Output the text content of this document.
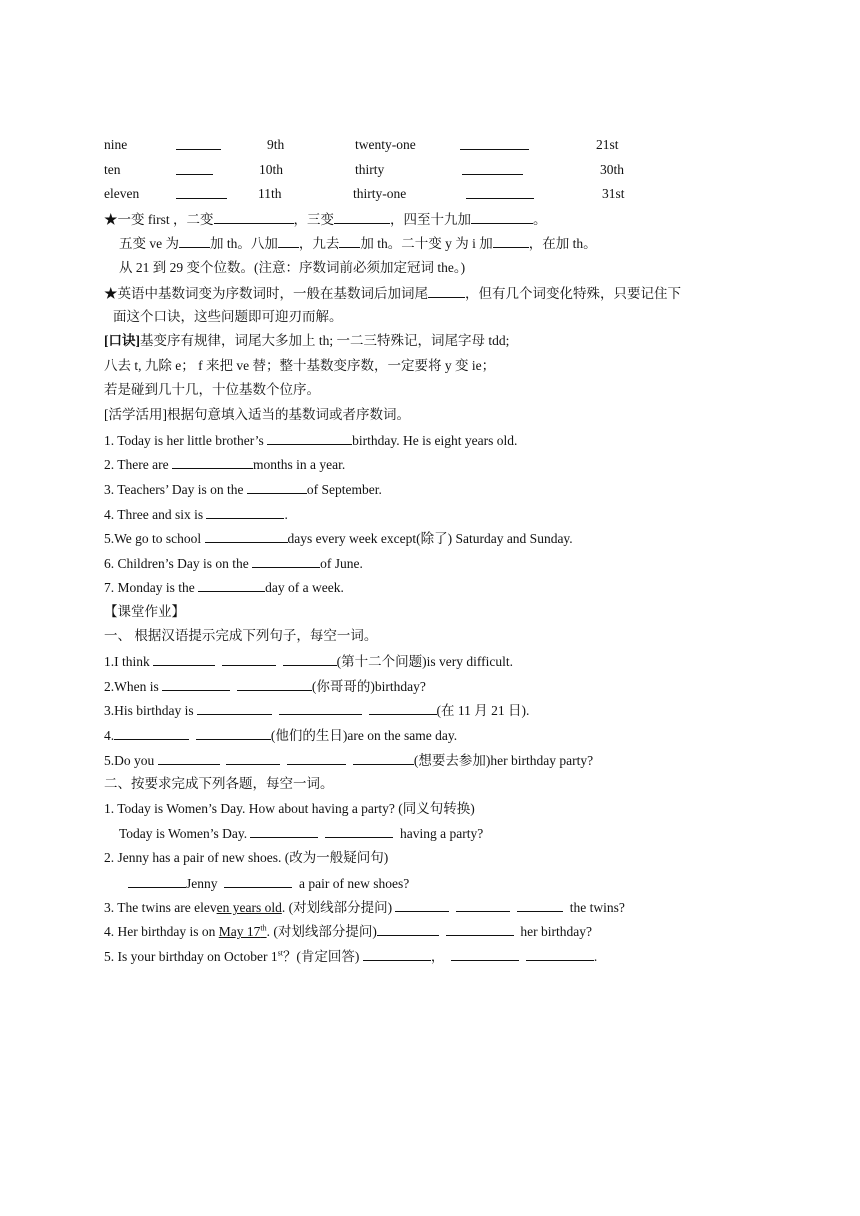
nine	9th	twenty-one	21st
ten	10th	thirty	30th
eleven	11th	thirty-one	31st
★一变 first ，二变	，三变	，四至十九加	。
五变 ve 为 加 th。八加 ，九去 加 th。二十变 y 为 i 加	，在加 th。
从 21 到 29 变个位数。(注意：序数词前必须加定冠词 the。)
★英语中基数词变为序数词时，一般在基数词后加词尾	，但有几个词变化特殊，只要记住下
面这个口诀，这些问题即可迎刃而解。
[口诀]基变序有规律，词尾大多加上 th; 一二三特殊记，词尾字母 tdd;
八去 t, 九除 e； f 来把 ve 替；整十基数变序数，一定要将 y 变 ie；
若是碰到几十几，十位基数个位序。
[活学活用]根据句意填入适当的基数词或者序数词。
1. Today is her little brother’s	birthday. He is eight years old.
2. There are	months in a year.
3. Teachers’ Day is on the	of September.
4. Three and six is	.
5.We go to school	days every week except(除了) Saturday and Sunday.
6. Children’s Day is on the	of June.
7. Monday is the	day of a week.
【课堂作业】
一、 根据汉语提示完成下列句子，每空一词。
1.I think	(第十二个问题)is very difficult.
2.When is	(你哥哥的)birthday?
3.His birthday is	(在 11 月 21 日).
4.	(他们的生日)are on the same day.
5.Do you	(想要去参加)her birthday party?
二、按要求完成下列各题，每空一词。
1. Today is Women’s Day. How about having a party? (同义句转换)
Today is Women’s Day.	having a party?
2. Jenny has a pair of new shoes. (改为一般疑问句)
Jenny	a pair of new shoes?
3. The twins are eleven years old. (对划线部分提问)	the twins?
4. Her birthday is on May 17th. (对划线部分提问)	her birthday?
5. Is your birthday on October 1st？(肯定回答)	，	.
